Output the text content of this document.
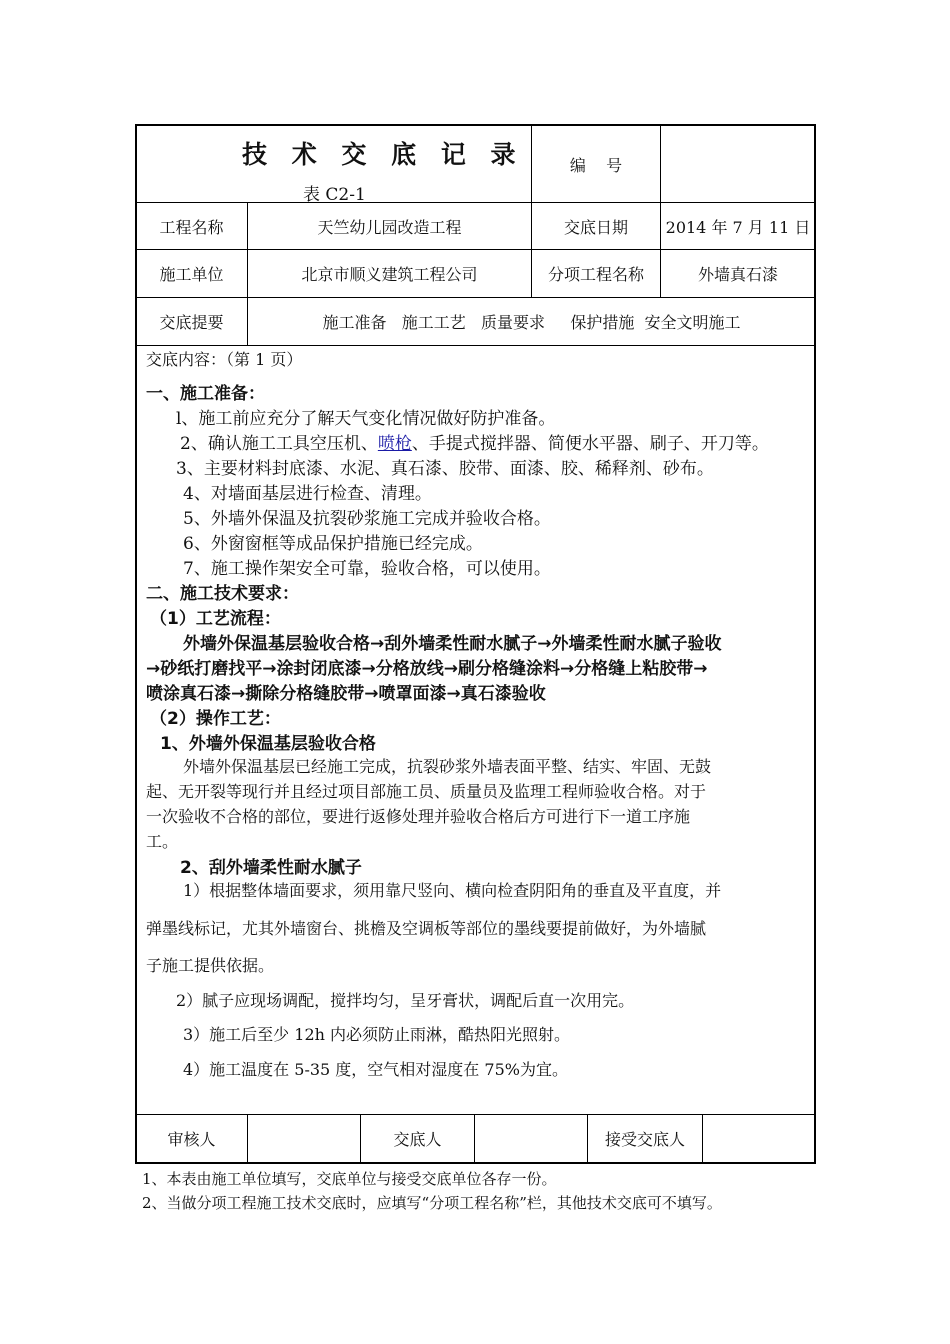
技 术 交 底 记 录
表 C2-1
编    号
工程名称	天竺幼儿园改造工程	交底日期	2014 年 7 月 11 日
施工单位	北京市顺义建筑工程公司	分项工程名称	外墙真石漆
交底提要	施工准备   施工工艺   质量要求     保护措施  安全文明施工
交底内容：（第 1 页）
一、施工准备：
l、施工前应充分了解天气变化情况做好防护准备。
2、确认施工工具空压机、喷枪、手提式搅拌器、简便水平器、刷子、开刀等。
3、主要材料封底漆、水泥、真石漆、胶带、面漆、胶、稀释剂、砂布。
4、对墙面基层进行检查、清理。
5、外墙外保温及抗裂砂浆施工完成并验收合格。
6、外窗窗框等成品保护措施已经完成。
7、施工操作架安全可靠，验收合格，可以使用。
二、施工技术要求：
（1）工艺流程：
外墙外保温基层验收合格→刮外墙柔性耐水腻子→外墙柔性耐水腻子验收
→砂纸打磨找平→涂封闭底漆→分格放线→刷分格缝涂料→分格缝上粘胶带→
喷涂真石漆→撕除分格缝胶带→喷罩面漆→真石漆验收
（2）操作工艺：
1、外墙外保温基层验收合格
外墙外保温基层已经施工完成，抗裂砂浆外墙表面平整、结实、牢固、无鼓
起、无开裂等现行并且经过项目部施工员、质量员及监理工程师验收合格。对于
一次验收不合格的部位，要进行返修处理并验收合格后方可进行下一道工序施
工。
2、刮外墙柔性耐水腻子
1）根据整体墙面要求，须用靠尺竖向、横向检查阴阳角的垂直及平直度，并
弹墨线标记，尤其外墙窗台、挑檐及空调板等部位的墨线要提前做好，为外墙腻
子施工提供依据。
2）腻子应现场调配，搅拌均匀，呈牙膏状，调配后直一次用完。
3）施工后至少 12h 内必须防止雨淋，酷热阳光照射。
4）施工温度在 5-35 度，空气相对湿度在 75%为宜。
审核人	交底人	接受交底人
1、本表由施工单位填写，交底单位与接受交底单位各存一份。
2、当做分项工程施工技术交底时，应填写“分项工程名称”栏，其他技术交底可不填写。
